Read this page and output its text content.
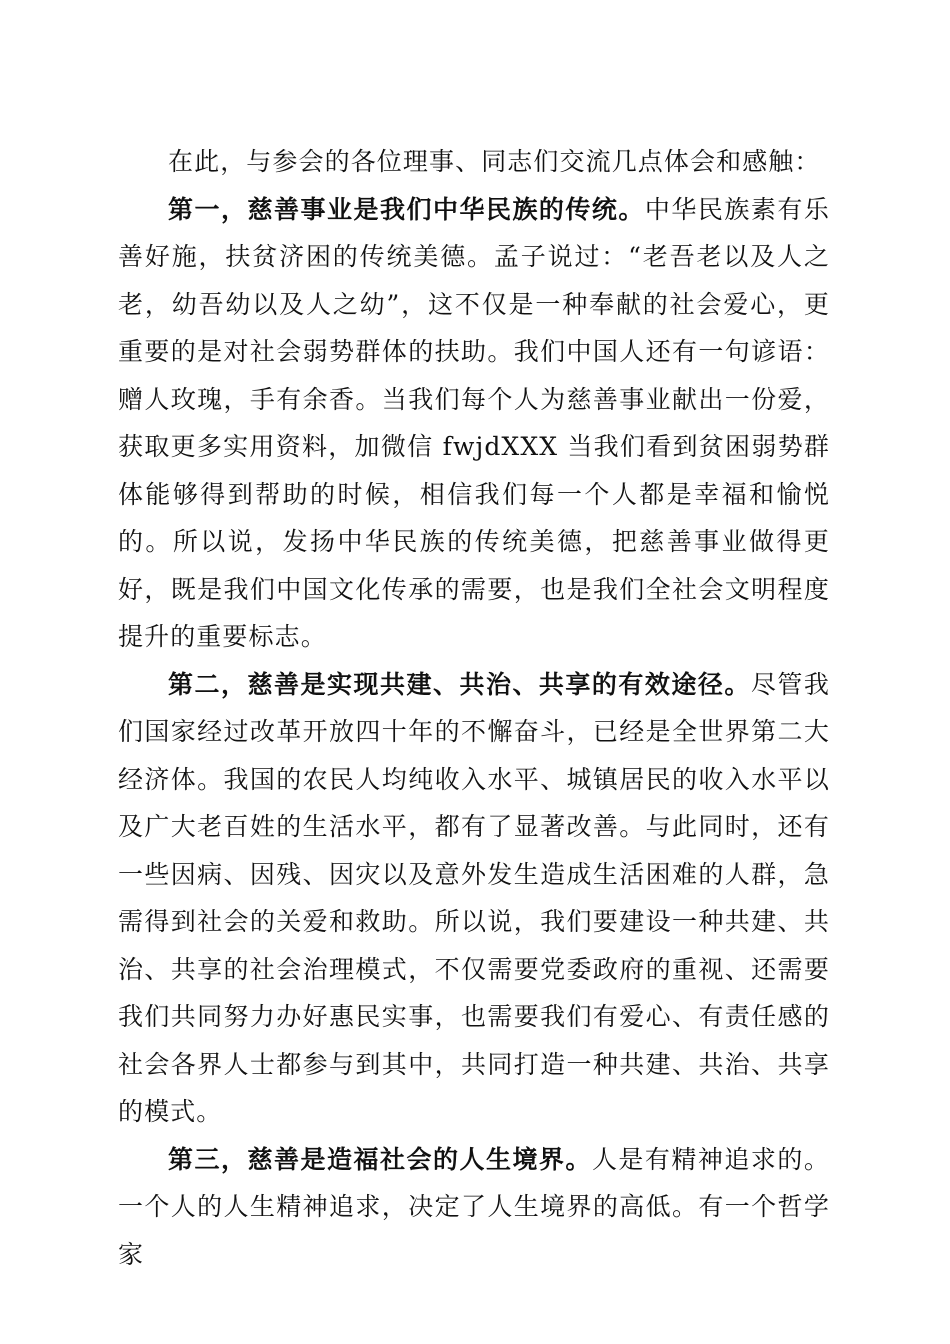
在此，与参会的各位理事、同志们交流几点体会和感触：

第一，慈善事业是我们中华民族的传统。中华民族素有乐善好施，扶贫济困的传统美德。孟子说过：“老吾老以及人之老，幼吾幼以及人之幼”，这不仅是一种奉献的社会爱心，更重要的是对社会弱势群体的扶助。我们中国人还有一句谚语：赠人玫瑰，手有余香。当我们每个人为慈善事业献出一份爱，获取更多实用资料，加微信 fwjdXXX 当我们看到贫困弱势群体能够得到帮助的时候，相信我们每一个人都是幸福和愉悦的。所以说，发扬中华民族的传统美德，把慈善事业做得更好，既是我们中国文化传承的需要，也是我们全社会文明程度提升的重要标志。

第二，慈善是实现共建、共治、共享的有效途径。尽管我们国家经过改革开放四十年的不懈奋斗，已经是全世界第二大经济体。我国的农民人均纯收入水平、城镇居民的收入水平以及广大老百姓的生活水平，都有了显著改善。与此同时，还有一些因病、因残、因灾以及意外发生造成生活困难的人群，急需得到社会的关爱和救助。所以说，我们要建设一种共建、共治、共享的社会治理模式，不仅需要党委政府的重视、还需要我们共同努力办好惠民实事，也需要我们有爱心、有责任感的社会各界人士都参与到其中，共同打造一种共建、共治、共享的模式。

第三，慈善是造福社会的人生境界。人是有精神追求的。一个人的人生精神追求，决定了人生境界的高低。有一个哲学家
